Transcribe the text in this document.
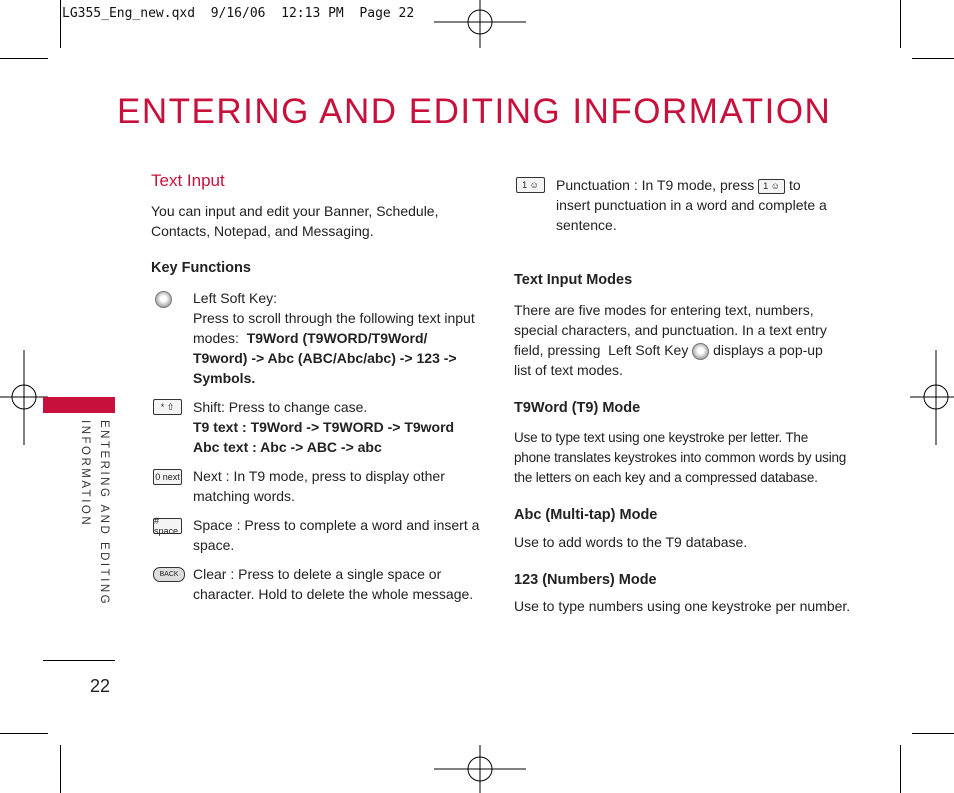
LG355_Eng_new.qxd  9/16/06  12:13 PM  Page 22
ENTERING AND EDITING INFORMATION
ENTERING AND EDITING
INFORMATION
22
Text Input
You can input and edit your Banner, Schedule, Contacts, Notepad, and Messaging.
Key Functions
Left Soft Key:
Press to scroll through the following text input
modes:  T9Word (T9WORD/T9Word/
T9word) -> Abc (ABC/Abc/abc) -> 123 ->
Symbols.
* ⇧	Shift: Press to change case.
T9 text : T9Word -> T9WORD -> T9word
Abc text : Abc -> ABC -> abc
0 next Next : In T9 mode, press to display other
matching words.
# space Space : Press to complete a word and insert a
space.
BACK	Clear : Press to delete a single space or
character. Hold to delete the whole message.
1 ☺	Punctuation : In T9 mode, press 1 ☺ to
insert punctuation in a word and complete a
sentence.
Text Input Modes
There are five modes for entering text, numbers,
special characters, and punctuation. In a text entry
field, pressing  Left Soft Key  displays a pop-up
list of text modes.
T9Word (T9) Mode
Use to type text using one keystroke per letter. The
phone translates keystrokes into common words by using
the letters on each key and a compressed database.
Abc (Multi-tap) Mode
Use to add words to the T9 database.
123 (Numbers) Mode
Use to type numbers using one keystroke per number.
